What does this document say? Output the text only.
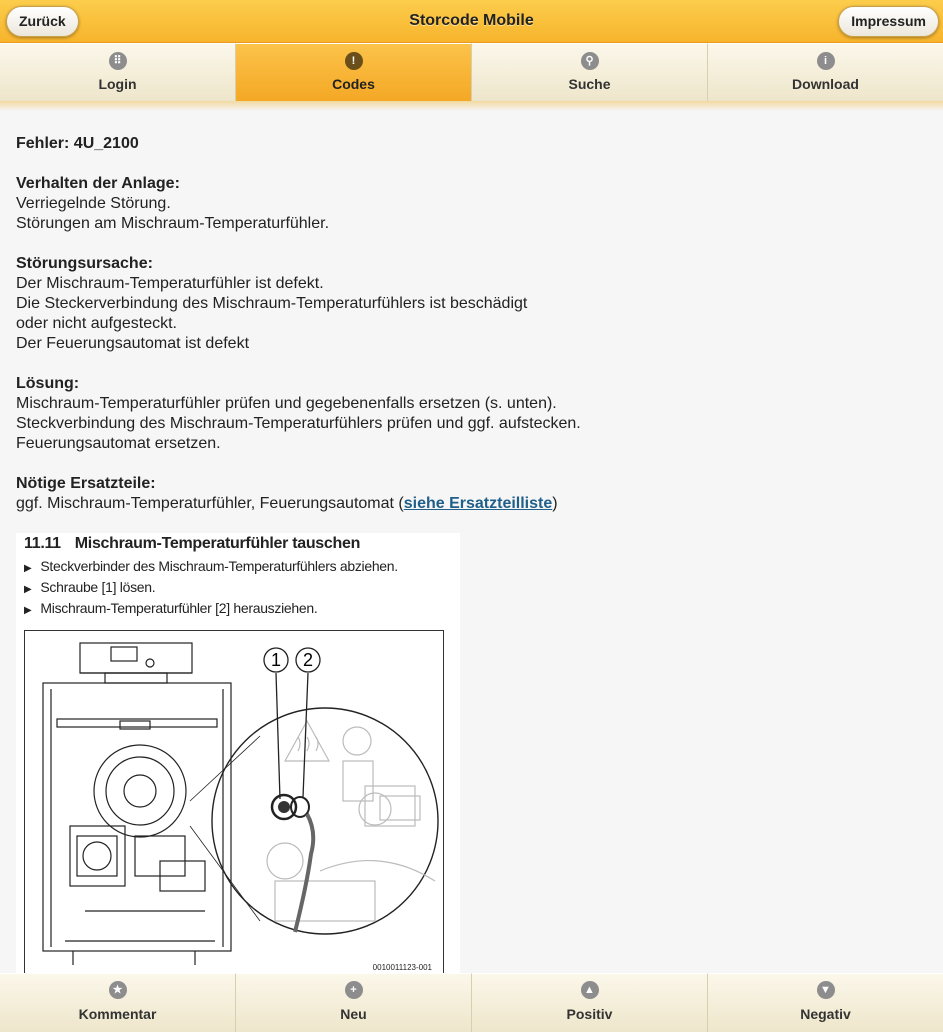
Zurück	Storcode Mobile	Impressum
⠿
Login
!
Codes
⚲
Suche
i
Download

Fehler: 4U_2100

Verhalten der Anlage:

Verriegelnde Störung.

Störungen am Mischraum-Temperaturfühler.

Störungsursache:

Der Mischraum-Temperaturfühler ist defekt.

Die Steckerverbindung des Mischraum-Temperaturfühlers ist beschädigt

oder nicht aufgesteckt.

Der Feuerungsautomat ist defekt

Lösung:

Mischraum-Temperaturfühler prüfen und gegebenenfalls ersetzen (s. unten).

Steckverbindung des Mischraum-Temperaturfühlers prüfen und ggf. aufstecken.

Feuerungsautomat ersetzen.

Nötige Ersatzteile:

ggf. Mischraum-Temperaturfühler, Feuerungsautomat (siehe Ersatzteilliste)

11.11 Mischraum-Temperaturfühler tauschen
▶ Steckverbinder des Mischraum-Temperaturfühlers abziehen.
▶ Schraube [1] lösen.
▶ Mischraum-Temperaturfühler [2] herausziehen.
1 2
0010011123-001
★
Kommentar
+
Neu
▲
Positiv
▼
Negativ
